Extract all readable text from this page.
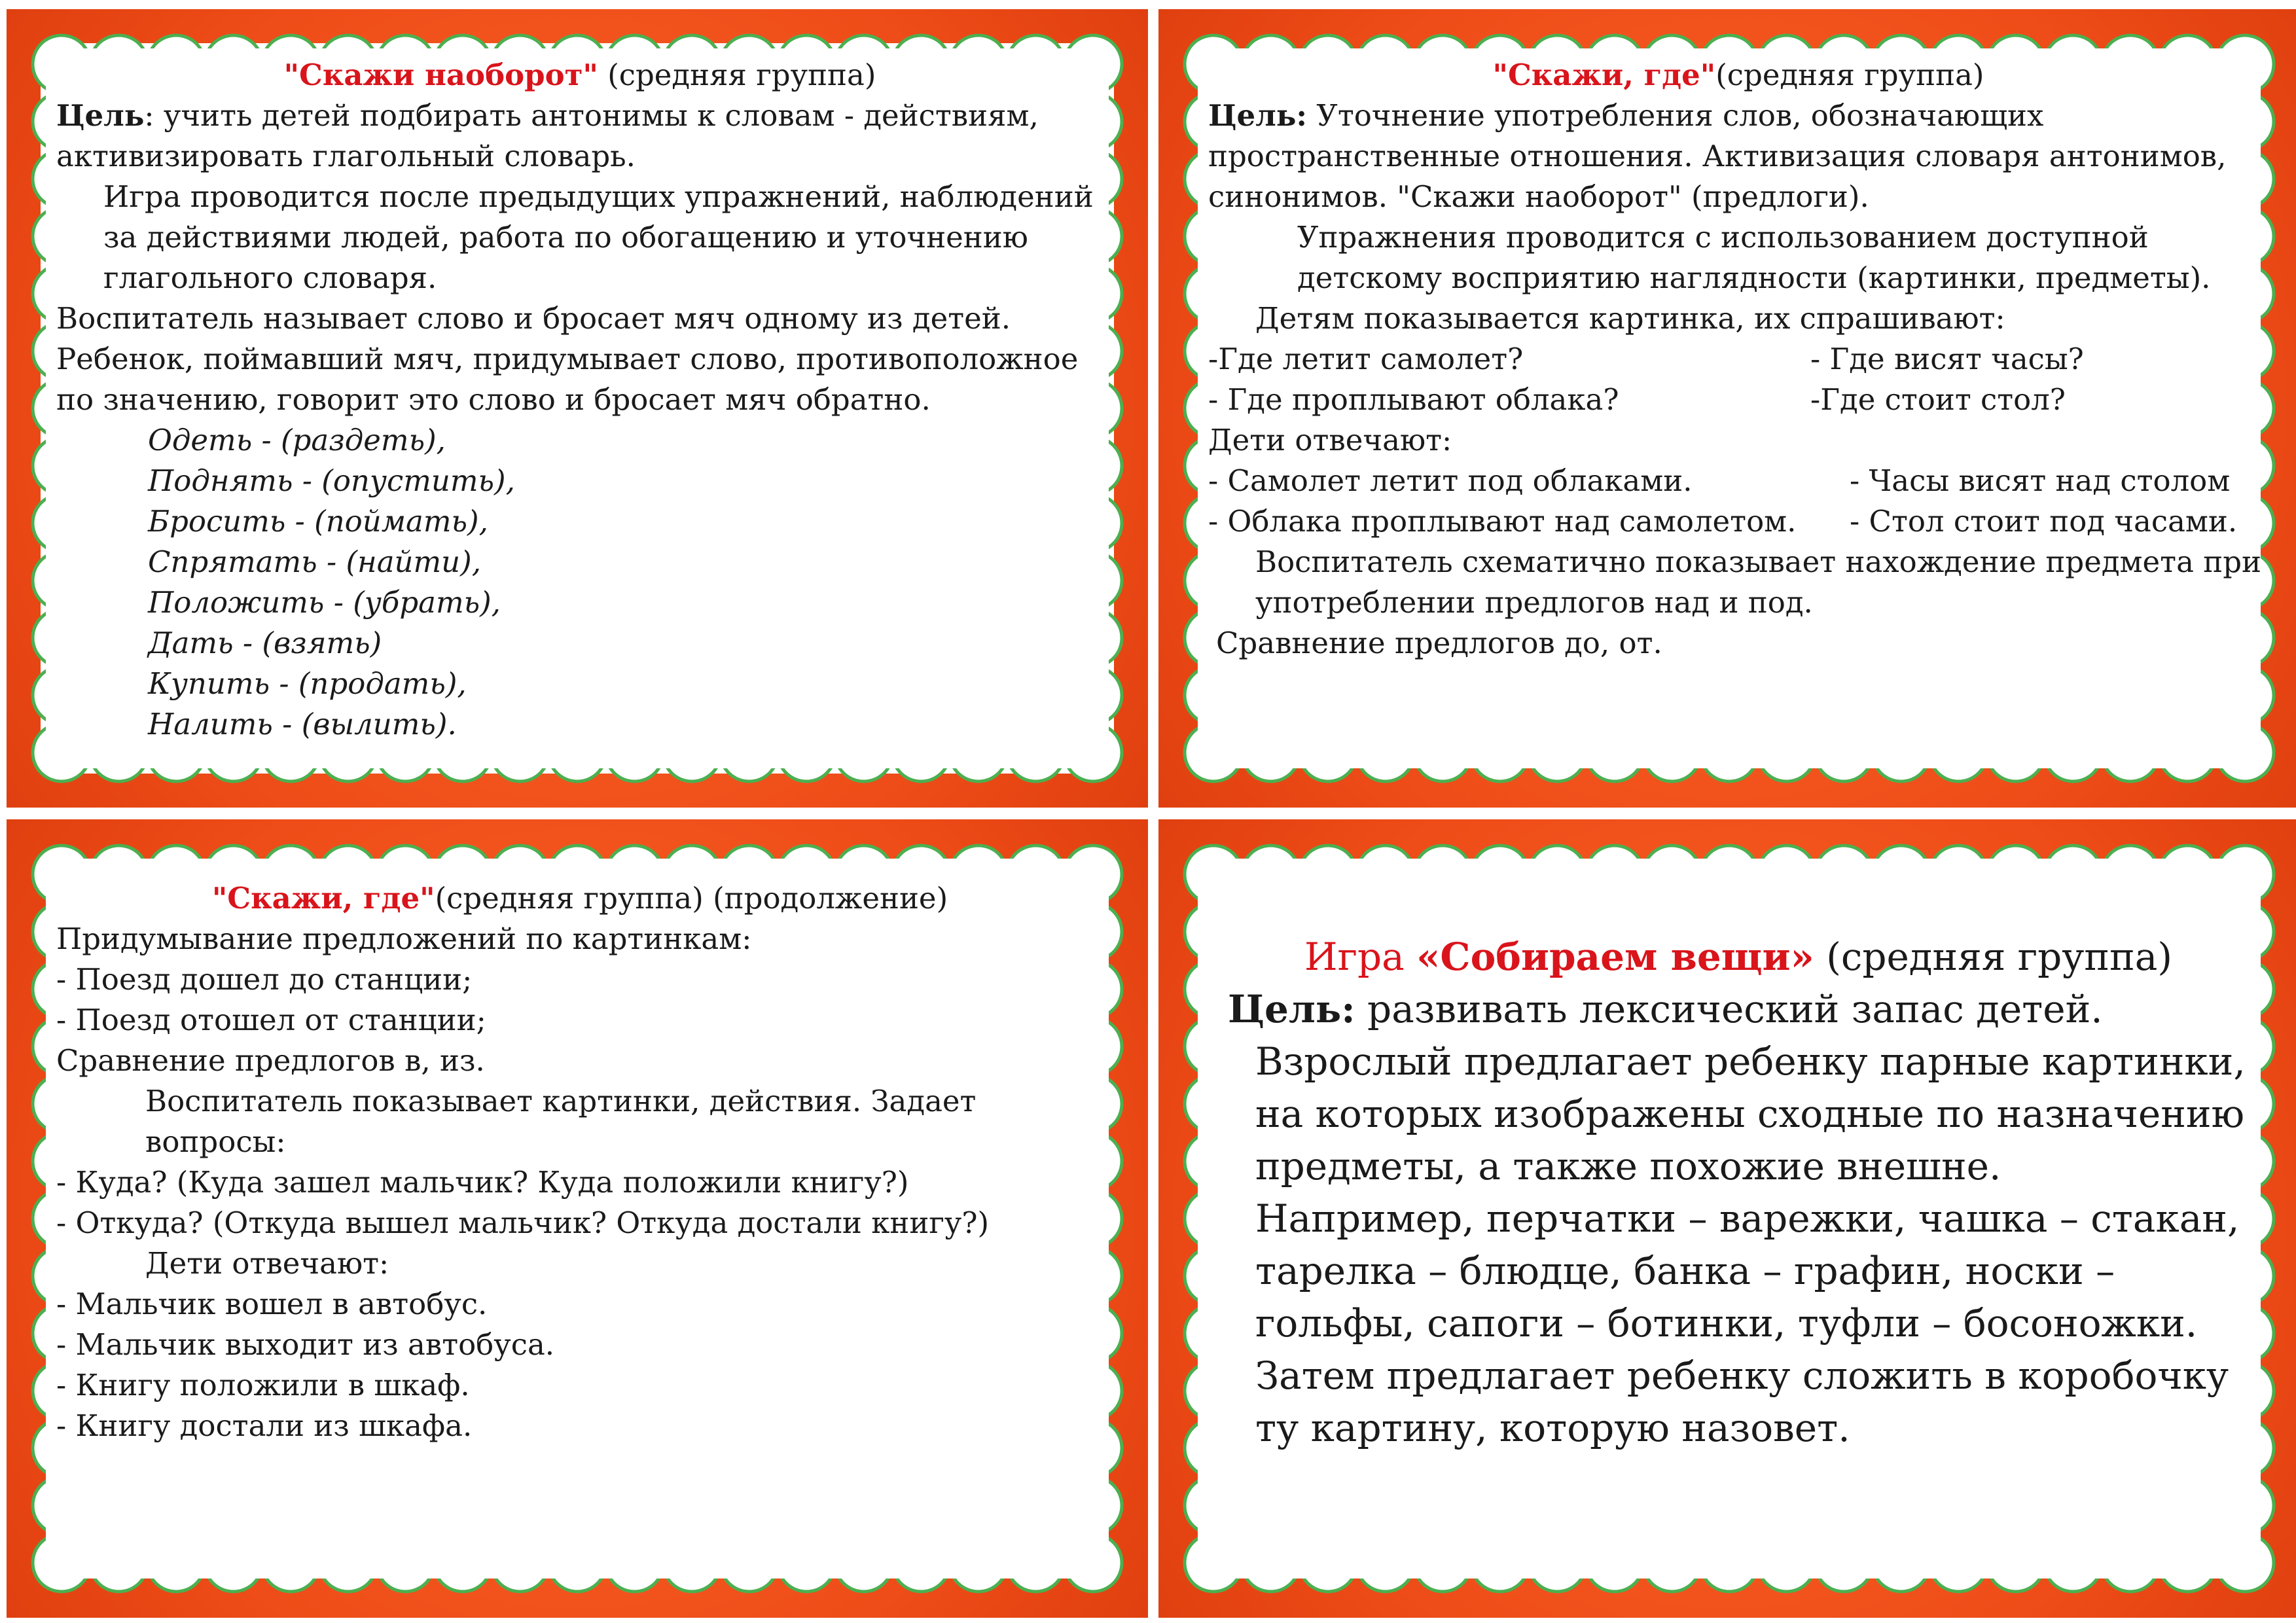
"Скажи наоборот" (средняя группа)

Цель: учить детей подбирать антонимы к словам - действиям, активизировать глагольный словарь.

Игра проводится после предыдущих упражнений, наблюдений за действиями людей, работа по обогащению и уточнению глагольного словаря.

Воспитатель называет слово и бросает мяч одному из детей. Ребенок, поймавший мяч, придумывает слово, противоположное по значению, говорит это слово и бросает мяч обратно.

Одеть - (раздеть),

Поднять - (опустить),

Бросить - (поймать),

Спрятать - (найти),

Положить - (убрать),

Дать - (взять)

Купить - (продать),

Налить - (вылить).

"Скажи, где"(средняя группа)

Цель: Уточнение употребления слов, обозначающих пространственные отношения. Активизация словаря антонимов, синонимов. "Скажи наоборот" (предлоги).

Упражнения проводится с использованием доступной детскому восприятию наглядности (картинки, предметы).

Детям показывается картинка, их спрашивают:

-Где летит самолет?	- Где висят часы?
- Где проплывают облака?	-Где стоит стол?

Дети отвечают:

- Самолет летит под облаками.	- Часы висят над столом
- Облака проплывают над самолетом.	- Стол стоит под часами.

Воспитатель схематично показывает нахождение предмета при употреблении предлогов над и под.

Сравнение предлогов до, от.

"Скажи, где"(средняя группа) (продолжение)

Придумывание предложений по картинкам:

- Поезд дошел до станции;

- Поезд отошел от станции;

Сравнение предлогов в, из.

Воспитатель показывает картинки, действия. Задает вопросы:

- Куда? (Куда зашел мальчик? Куда положили книгу?)

- Откуда? (Откуда вышел мальчик? Откуда достали книгу?)

Дети отвечают:

- Мальчик вошел в автобус.

- Мальчик выходит из автобуса.

- Книгу положили в шкаф.

- Книгу достали из шкафа.

Игра «Собираем вещи» (средняя группа)

Цель: развивать лексический запас детей.

Взрослый предлагает ребенку парные картинки, на которых изображены сходные по назначению предметы, а также похожие внешне.

Например, перчатки – варежки, чашка – стакан, тарелка – блюдце, банка – графин, носки – гольфы, сапоги – ботинки, туфли – босоножки.

Затем предлагает ребенку сложить в коробочку ту картину, которую назовет.
